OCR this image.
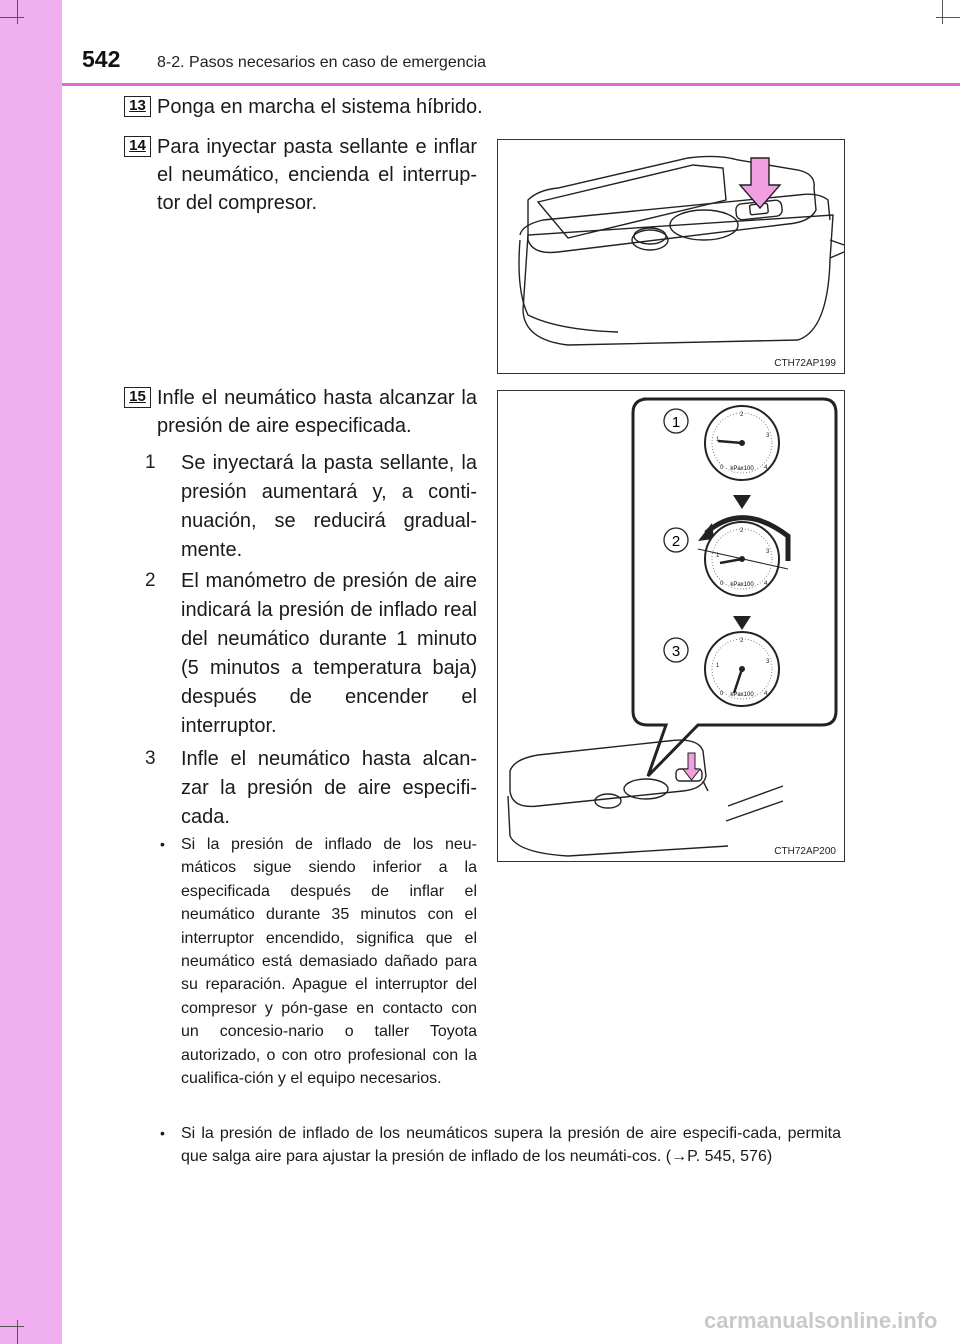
542 8-2. Pasos necesarios en caso de emergencia
13 Ponga en marcha el sistema híbrido.
14 Para inyectar pasta sellante e inflar el neumático, encienda el interrup-tor del compresor.
CTH72AP199
15 Infle el neumático hasta alcanzar la presión de aire especificada.
1 Se inyectará la pasta sellante, la presión aumentará y, a conti-nuación, se reducirá gradual-mente.
2 El manómetro de presión de aire indicará la presión de inflado real del neumático durante 1 minuto (5 minutos a temperatura baja) después de encender el interruptor.
3 Infle el neumático hasta alcan-zar la presión de aire especifi-cada.
• Si la presión de inflado de los neu-máticos sigue siendo inferior a la especificada después de inflar el neumático durante 35 minutos con el interruptor encendido, significa que el neumático está demasiado dañado para su reparación. Apague el interruptor del compresor y pón-gase en contacto con un concesio-nario o taller Toyota autorizado, o con otro profesional con la cualifica-ción y el equipo necesarios.
• Si la presión de inflado de los neumáticos supera la presión de aire especifi-cada, permita que salga aire para ajustar la presión de inflado de los neumáti-cos. (→P. 545, 576)
1
2
3
kPax100
kPax100
kPax100
0
1
2
3
4
0
1
2
3
4
0
1
2
3
4
CTH72AP200
carmanualsonline.info
